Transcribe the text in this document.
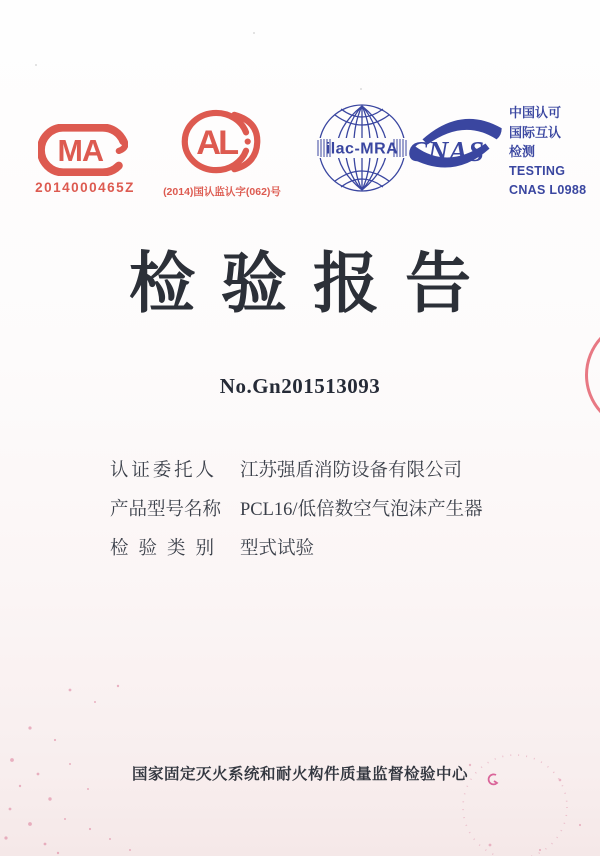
MA
2014000465Z
AL
(2014)国认监认字(062)号
ilac-MRA CNAS
中国认可
国际互认
检测
TESTING
CNAS L0988
检验报告
No.Gn201513093
认证委托人 江苏强盾消防设备有限公司
产品型号名称 PCL16/低倍数空气泡沫产生器
检验类别 型式试验
国家固定灭火系统和耐火构件质量监督检验中心
